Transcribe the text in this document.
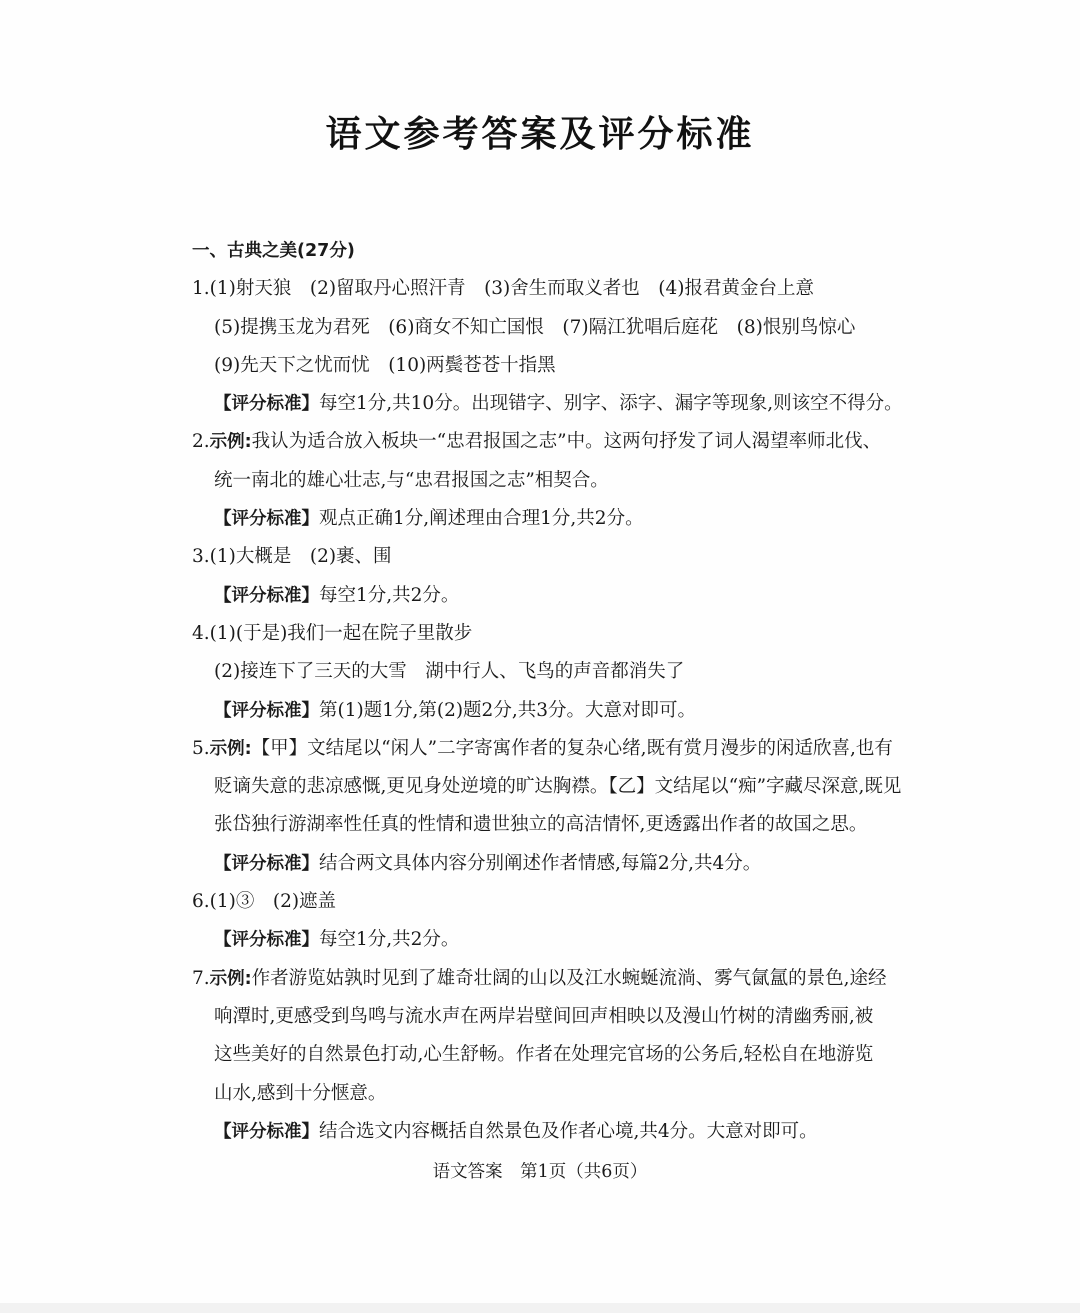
语文参考答案及评分标准
一、古典之美(27分)
1.(1)射天狼　(2)留取丹心照汗青　(3)舍生而取义者也　(4)报君黄金台上意
(5)提携玉龙为君死　(6)商女不知亡国恨　(7)隔江犹唱后庭花　(8)恨别鸟惊心
(9)先天下之忧而忧　(10)两鬓苍苍十指黑
【评分标准】每空1分,共10分。出现错字、别字、添字、漏字等现象,则该空不得分。
2.示例:我认为适合放入板块一“忠君报国之志”中。这两句抒发了词人渴望率师北伐、
统一南北的雄心壮志,与“忠君报国之志”相契合。
【评分标准】观点正确1分,阐述理由合理1分,共2分。
3.(1)大概是　(2)裹、围
【评分标准】每空1分,共2分。
4.(1)(于是)我们一起在院子里散步
(2)接连下了三天的大雪　湖中行人、飞鸟的声音都消失了
【评分标准】第(1)题1分,第(2)题2分,共3分。大意对即可。
5.示例:【甲】文结尾以“闲人”二字寄寓作者的复杂心绪,既有赏月漫步的闲适欣喜,也有
贬谪失意的悲凉感慨,更见身处逆境的旷达胸襟。【乙】文结尾以“痴”字藏尽深意,既见
张岱独行游湖率性任真的性情和遗世独立的高洁情怀,更透露出作者的故国之思。
【评分标准】结合两文具体内容分别阐述作者情感,每篇2分,共4分。
6.(1)③　(2)遮盖
【评分标准】每空1分,共2分。
7.示例:作者游览姑孰时见到了雄奇壮阔的山以及江水蜿蜒流淌、雾气氤氲的景色,途经
响潭时,更感受到鸟鸣与流水声在两岸岩壁间回声相映以及漫山竹树的清幽秀丽,被
这些美好的自然景色打动,心生舒畅。作者在处理完官场的公务后,轻松自在地游览
山水,感到十分惬意。
【评分标准】结合选文内容概括自然景色及作者心境,共4分。大意对即可。
语文答案　第1页（共6页）
